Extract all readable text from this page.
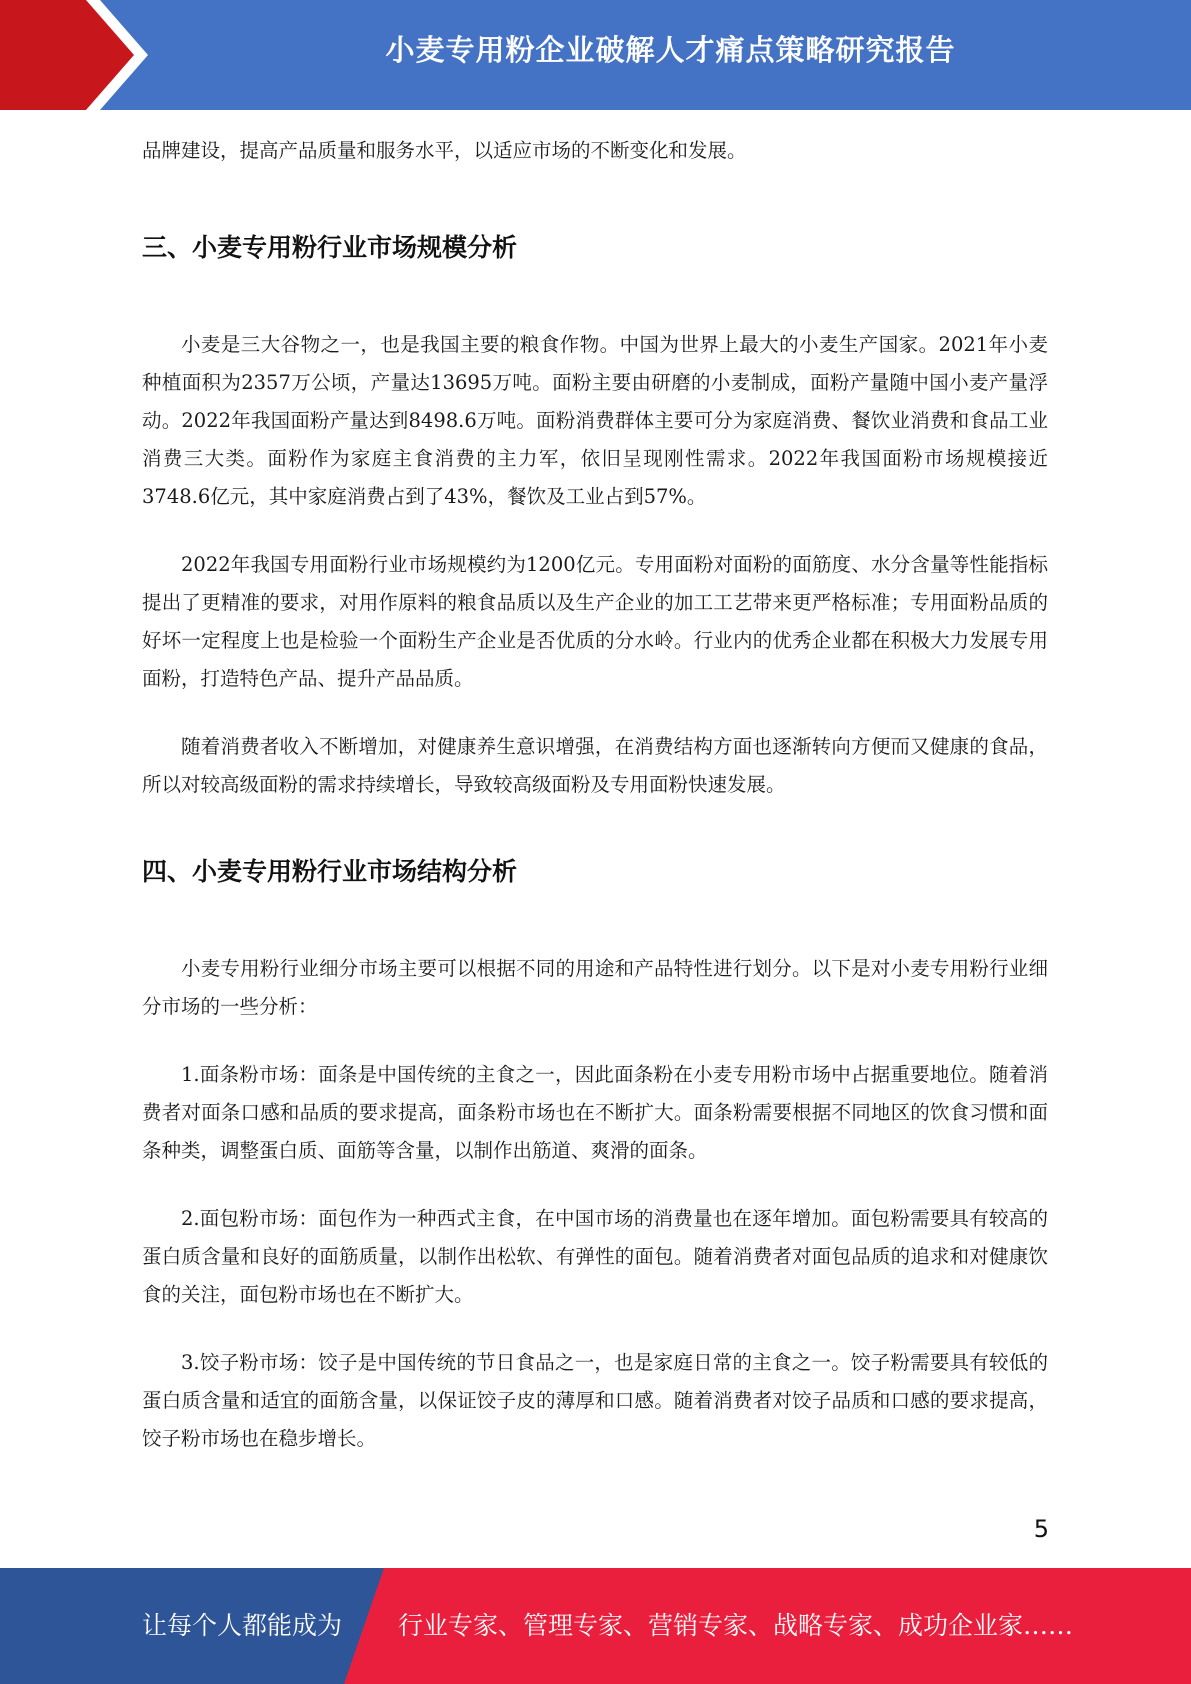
小麦专用粉企业破解人才痛点策略研究报告

品牌建设，提高产品质量和服务水平，以适应市场的不断变化和发展。

三、小麦专用粉行业市场规模分析

小麦是三大谷物之一，也是我国主要的粮食作物。中国为世界上最大的小麦生产国家。2021年小麦种植面积为2357万公顷，产量达13695万吨。面粉主要由研磨的小麦制成，面粉产量随中国小麦产量浮动。2022年我国面粉产量达到8498.6万吨。面粉消费群体主要可分为家庭消费、餐饮业消费和食品工业消费三大类。面粉作为家庭主食消费的主力军，依旧呈现刚性需求。2022年我国面粉市场规模接近3748.6亿元，其中家庭消费占到了43%，餐饮及工业占到57%。

2022年我国专用面粉行业市场规模约为1200亿元。专用面粉对面粉的面筋度、水分含量等性能指标提出了更精准的要求，对用作原料的粮食品质以及生产企业的加工工艺带来更严格标准；专用面粉品质的好坏一定程度上也是检验一个面粉生产企业是否优质的分水岭。行业内的优秀企业都在积极大力发展专用面粉，打造特色产品、提升产品品质。

随着消费者收入不断增加，对健康养生意识增强，在消费结构方面也逐渐转向方便而又健康的食品，所以对较高级面粉的需求持续增长，导致较高级面粉及专用面粉快速发展。

四、小麦专用粉行业市场结构分析

小麦专用粉行业细分市场主要可以根据不同的用途和产品特性进行划分。以下是对小麦专用粉行业细分市场的一些分析：

1.面条粉市场：面条是中国传统的主食之一，因此面条粉在小麦专用粉市场中占据重要地位。随着消费者对面条口感和品质的要求提高，面条粉市场也在不断扩大。面条粉需要根据不同地区的饮食习惯和面条种类，调整蛋白质、面筋等含量，以制作出筋道、爽滑的面条。

2.面包粉市场：面包作为一种西式主食，在中国市场的消费量也在逐年增加。面包粉需要具有较高的蛋白质含量和良好的面筋质量，以制作出松软、有弹性的面包。随着消费者对面包品质的追求和对健康饮食的关注，面包粉市场也在不断扩大。

3.饺子粉市场：饺子是中国传统的节日食品之一，也是家庭日常的主食之一。饺子粉需要具有较低的蛋白质含量和适宜的面筋含量，以保证饺子皮的薄厚和口感。随着消费者对饺子品质和口感的要求提高，饺子粉市场也在稳步增长。

5
让每个人都能成为 行业专家、管理专家、营销专家、战略专家、成功企业家……
